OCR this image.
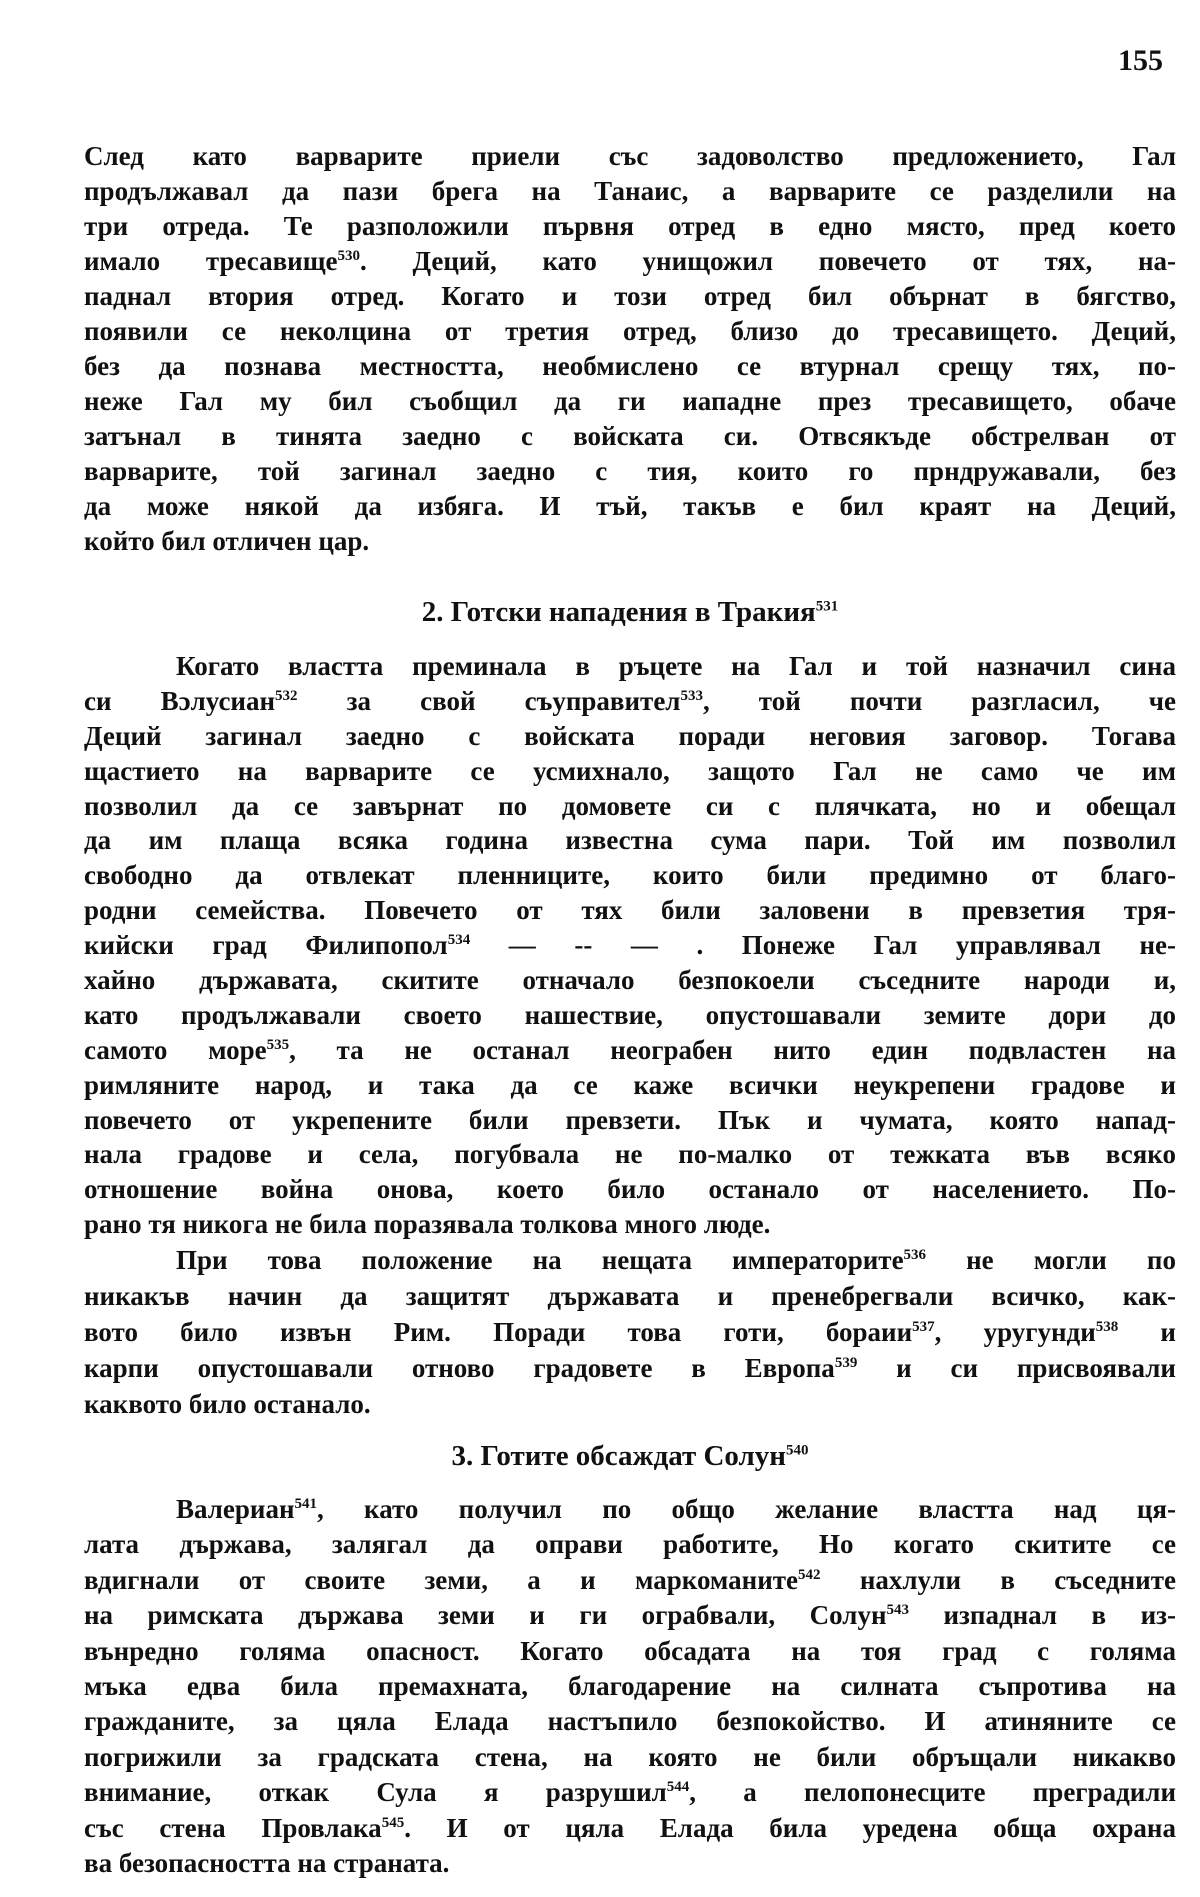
155
След като варварите приели със задоволство предложението, Гал
продължавал да пази брега на Танаис, а варварите се разделили на
три отреда. Те разположили първня отред в едно място, пред което
имало тресавище$^{530}$. Деций, като унищожил повечето от тях, на-
паднал втория отред. Когато и този отред бил обърнат в бягство,
появили се неколцина от третия отред, близо до тресавището. Деций,
без да познава местността, необмислено се втурнал срещу тях, по-
неже Гал му бил съобщил да ги иападне през тресавището, обаче
затънал в тинята заедно с войската си. Отвсякъде обстрелван от
варварите, той загинал заедно с тия, които го прндружавали, без
да може някой да избяга. И тъй, такъв е бил краят на Деций,
който бил отличен цар.
2. Готски нападения в Тракия$^{531}$
Когато властта преминала в ръцете на Гал и той назначил сина
си Вɔлусиан$^{532}$ за свой съуправител$^{533}$, той почти разгласил, че
Деций загинал заедно с войската поради неговия заговор. Тогава
щастието на варварите се усмихнало, защото Гал не само че им
позволил да се завърнат по домовете си с плячката, но и обещал
да им плаща всяка година известна сума пари. Той им позволил
свободно да отвлекат пленниците, които били предимно от благо-
родни семейства. Повечето от тях били заловени в превзетия тря-
кийски град Филипопол$^{534}$ — -- — . Понеже Гал управлявал не-
хайно държавата, скитите отначало безпокоели съседните народи и,
като продължавали своето нашествие, опустошавали земите дори до
самото море$^{535}$, та не останал неограбен нито един подвластен на
римляните народ, и така да се каже всички неукрепени градове и
повечето от укрепените били превзети. Пък и чумата, която напад-
нала градове и села, погубвала не по-малко от тежката във всяко
отношение война онова, което било останало от населението. По-
рано тя никога не била поразявала толкова много люде.
При това положение на нещата императорите$^{536}$ не могли по
никакъв начин да защитят държавата и пренебрегвали всичко, как-
вото било извън Рим. Поради това готи, бораии$^{537}$, уругунди$^{538}$ и
карпи опустошавали отново градовете в Европа$^{539}$ и си присвоявали
каквото било останало.
3. Готите обсаждат Солун$^{540}$
Валериан$^{541}$, като получил по общо желание властта над ця-
лата държава, залягал да оправи работите, Но когато скитите се
вдигнали от своите земи, а и маркоманите$^{542}$ нахлули в съседните
на римската държава земи и ги ограбвали, Солун$^{543}$ изпаднал в из-
вънредно голяма опасност. Когато обсадата на тоя град с голяма
мъка едва била премахната, благодарение на силната съпротива на
гражданите, за цяла Елада настъпило безпокойство. И атиняните се
погрижили за градската стена, на която не били обръщали никакво
внимание, откак Сула я разрушил$^{544}$, а пелопонесците преградили
със стена Провлака$^{545}$. И от цяла Елада била уредена обща охрана
ва безопасността на страната.
